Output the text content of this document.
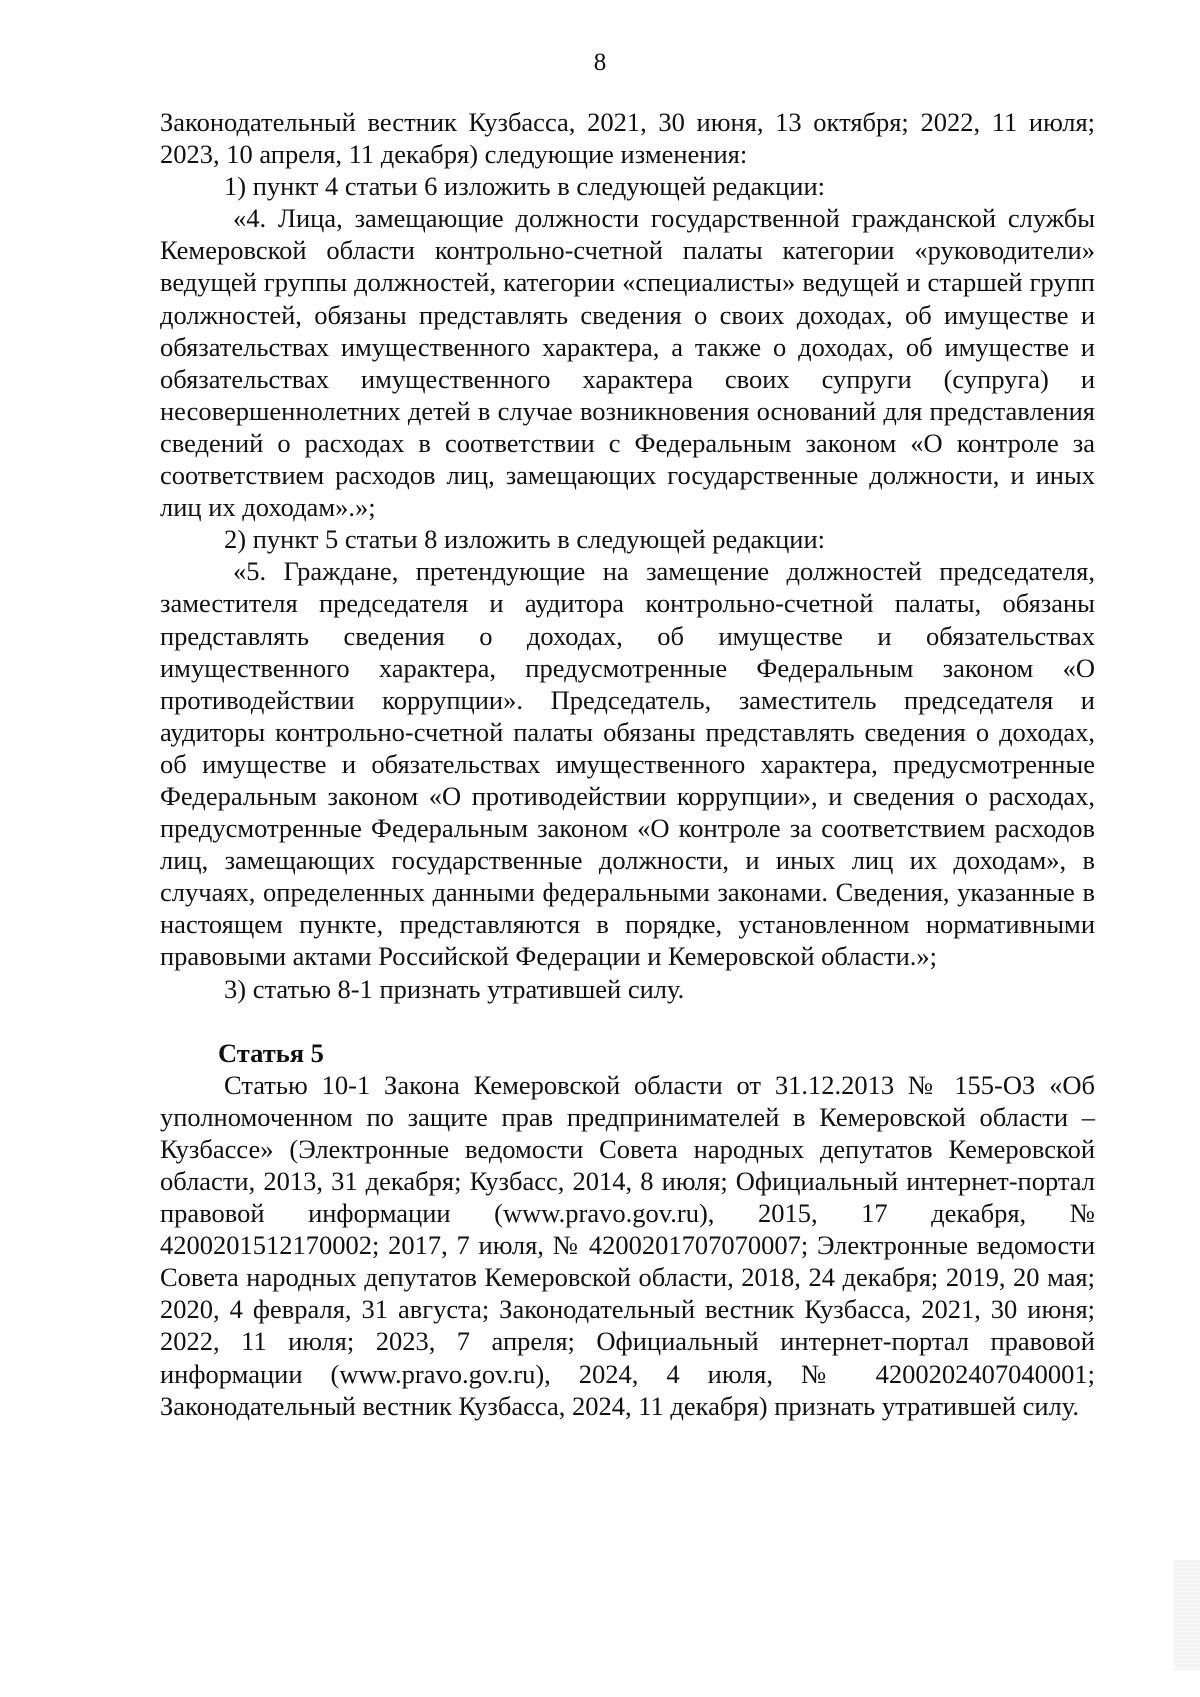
8

Законодательный вестник Кузбасса, 2021, 30 июня, 13 октября; 2022, 11 июля; 2023, 10 апреля, 11 декабря) следующие изменения:

1) пункт 4 статьи 6 изложить в следующей редакции:

«4. Лица, замещающие должности государственной гражданской службы Кемеровской области контрольно-счетной палаты категории «руководители» ведущей группы должностей, категории «специалисты» ведущей и старшей групп должностей, обязаны представлять сведения о своих доходах, об имуществе и обязательствах имущественного характера, а также о доходах, об имуществе и обязательствах имущественного характера своих супруги (супруга) и несовершеннолетних детей в случае возникновения оснований для представления сведений о расходах в соответствии с Федеральным законом «О контроле за соответствием расходов лиц, замещающих государственные должности, и иных лиц их доходам».»;

2) пункт 5 статьи 8 изложить в следующей редакции:

«5. Граждане, претендующие на замещение должностей председателя, заместителя председателя и аудитора контрольно-счетной палаты, обязаны представлять сведения о доходах, об имуществе и обязательствах имущественного характера, предусмотренные Федеральным законом «О противодействии коррупции». Председатель, заместитель председателя и аудиторы контрольно-счетной палаты обязаны представлять сведения о доходах, об имуществе и обязательствах имущественного характера, предусмотренные Федеральным законом «О противодействии коррупции», и сведения о расходах, предусмотренные Федеральным законом «О контроле за соответствием расходов лиц, замещающих государственные должности, и иных лиц их доходам», в случаях, определенных данными федеральными законами. Сведения, указанные в настоящем пункте, представляются в порядке, установленном нормативными правовыми актами Российской Федерации и Кемеровской области.»;

3) статью 8-1 признать утратившей силу.

Статья 5

Статью 10-1 Закона Кемеровской области от 31.12.2013 № 155-ОЗ «Об уполномоченном по защите прав предпринимателей в Кемеровской области – Кузбассе» (Электронные ведомости Совета народных депутатов Кемеровской области, 2013, 31 декабря; Кузбасс, 2014, 8 июля; Официальный интернет-портал правовой информации (www.pravo.gov.ru), 2015, 17 декабря, № 4200201512170002; 2017, 7 июля, № 4200201707070007; Электронные ведомости Совета народных депутатов Кемеровской области, 2018, 24 декабря; 2019, 20 мая; 2020, 4 февраля, 31 августа; Законодательный вестник Кузбасса, 2021, 30 июня; 2022, 11 июля; 2023, 7 апреля; Официальный интернет-портал правовой информации (www.pravo.gov.ru), 2024, 4 июля, № 4200202407040001; Законодательный вестник Кузбасса, 2024, 11 декабря) признать утратившей силу.
